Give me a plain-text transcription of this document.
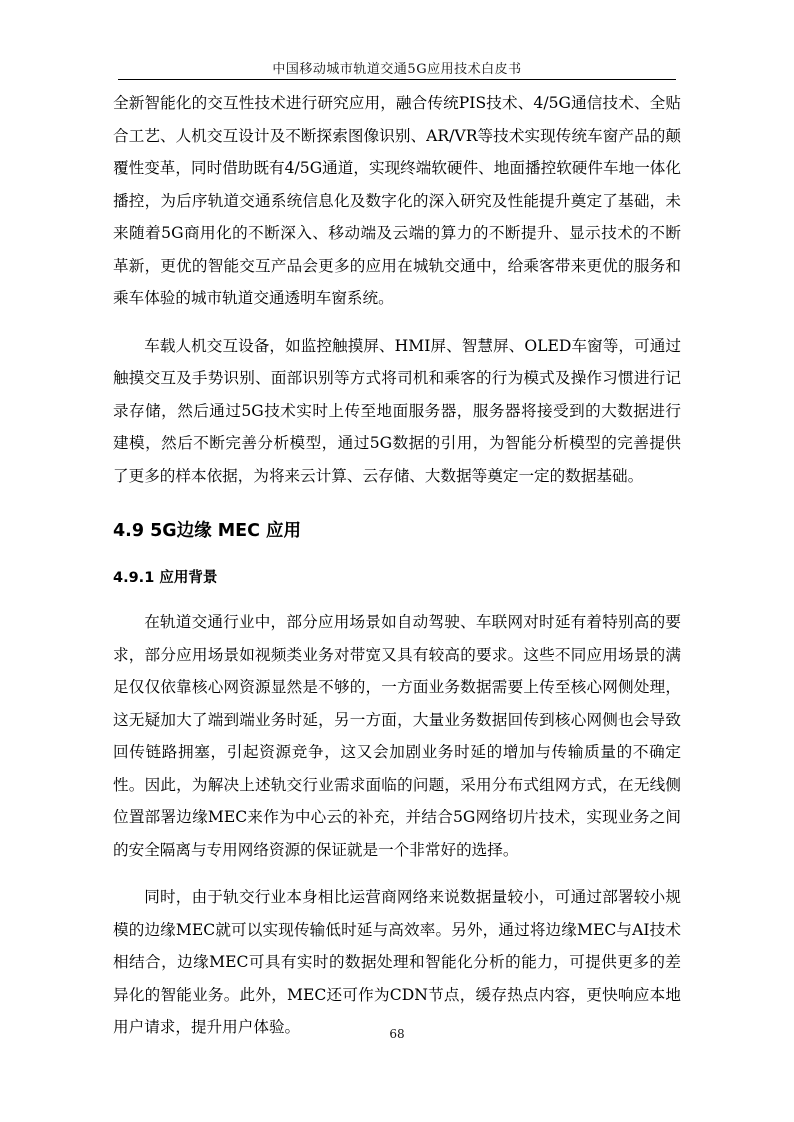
中国移动城市轨道交通5G应用技术白皮书

全新智能化的交互性技术进行研究应用，融合传统PIS技术、4/5G通信技术、全贴合工艺、人机交互设计及不断探索图像识别、AR/VR等技术实现传统车窗产品的颠覆性变革，同时借助既有4/5G通道，实现终端软硬件、地面播控软硬件车地一体化播控，为后序轨道交通系统信息化及数字化的深入研究及性能提升奠定了基础，未来随着5G商用化的不断深入、移动端及云端的算力的不断提升、显示技术的不断革新，更优的智能交互产品会更多的应用在城轨交通中，给乘客带来更优的服务和乘车体验的城市轨道交通透明车窗系统。

车载人机交互设备，如监控触摸屏、HMI屏、智慧屏、OLED车窗等，可通过触摸交互及手势识别、面部识别等方式将司机和乘客的行为模式及操作习惯进行记录存储，然后通过5G技术实时上传至地面服务器，服务器将接受到的大数据进行建模，然后不断完善分析模型，通过5G数据的引用，为智能分析模型的完善提供了更多的样本依据，为将来云计算、云存储、大数据等奠定一定的数据基础。

4.9 5G边缘 MEC 应用
4.9.1 应用背景

在轨道交通行业中，部分应用场景如自动驾驶、车联网对时延有着特别高的要求，部分应用场景如视频类业务对带宽又具有较高的要求。这些不同应用场景的满足仅仅依靠核心网资源显然是不够的，一方面业务数据需要上传至核心网侧处理，这无疑加大了端到端业务时延，另一方面，大量业务数据回传到核心网侧也会导致回传链路拥塞，引起资源竞争，这又会加剧业务时延的增加与传输质量的不确定性。因此，为解决上述轨交行业需求面临的问题，采用分布式组网方式，在无线侧位置部署边缘MEC来作为中心云的补充，并结合5G网络切片技术，实现业务之间的安全隔离与专用网络资源的保证就是一个非常好的选择。

同时，由于轨交行业本身相比运营商网络来说数据量较小，可通过部署较小规模的边缘MEC就可以实现传输低时延与高效率。另外，通过将边缘MEC与AI技术相结合，边缘MEC可具有实时的数据处理和智能化分析的能力，可提供更多的差异化的智能业务。此外，MEC还可作为CDN节点，缓存热点内容，更快响应本地用户请求，提升用户体验。	68
